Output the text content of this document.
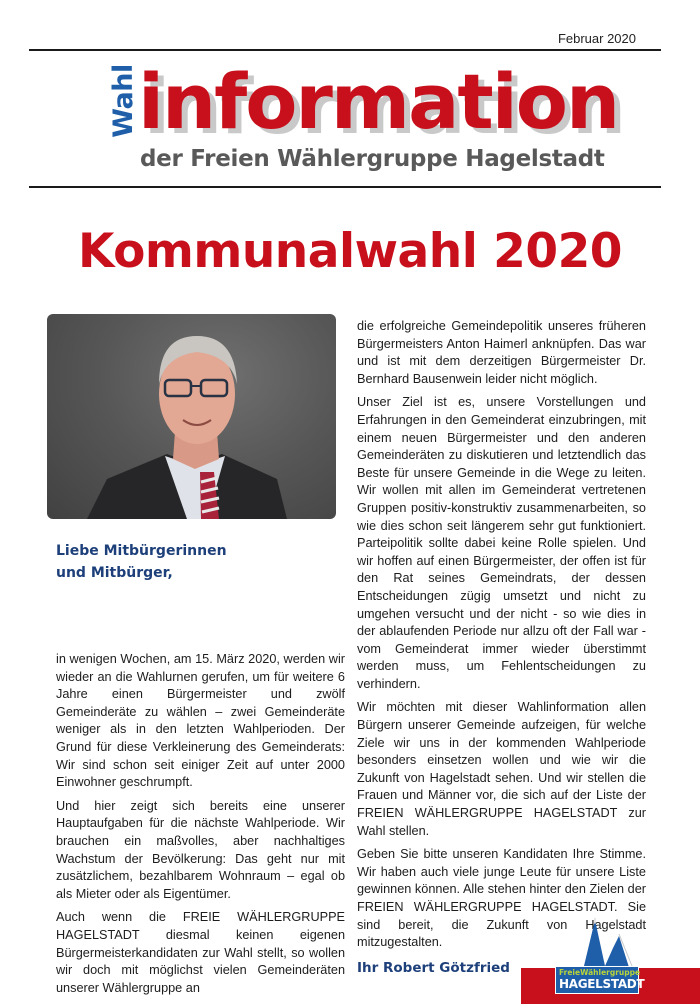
Februar 2020
Wahl information
der Freien Wählergruppe Hagelstadt
Kommunalwahl 2020
Liebe Mitbürgerinnen
und Mitbürger,

in wenigen Wochen, am 15. März 2020, werden wir wieder an die Wahlurnen gerufen, um für weitere 6 Jahre einen Bürgermeister und zwölf Gemeinderäte zu wählen – zwei Gemeinderäte weniger als in den letzten Wahlperioden. Der Grund für diese Verkleinerung des Gemeinderats: Wir sind schon seit einiger Zeit auf unter 2000 Einwohner geschrumpft.

Und hier zeigt sich bereits eine unserer Hauptaufgaben für die nächste Wahlperiode. Wir brauchen ein maßvolles, aber nachhaltiges Wachstum der Bevölkerung: Das geht nur mit zusätzlichem, bezahlbarem Wohnraum – egal ob als Mieter oder als Eigentümer.

Auch wenn die FREIE WÄHLERGRUPPE HAGELSTADT diesmal keinen eigenen Bürgermeisterkandidaten zur Wahl stellt, so wollen wir doch mit möglichst vielen Gemeinderäten unserer Wählergruppe an

die erfolgreiche Gemeindepolitik unseres früheren Bürgermeisters Anton Haimerl anknüpfen. Das war und ist mit dem derzeitigen Bürgermeister Dr. Bernhard Bausenwein leider nicht möglich.

Unser Ziel ist es, unsere Vorstellungen und Erfahrungen in den Gemeinderat einzubringen, mit einem neuen Bürgermeister und den anderen Gemeinderäten zu diskutieren und letztendlich das Beste für unsere Gemeinde in die Wege zu leiten. Wir wollen mit allen im Gemeinderat vertretenen Gruppen positiv-konstruktiv zusammenarbeiten, so wie dies schon seit längerem sehr gut funktioniert. Parteipolitik sollte dabei keine Rolle spielen. Und wir hoffen auf einen Bürgermeister, der offen ist für den Rat seines Gemeindrats, der dessen Entscheidungen zügig umsetzt und nicht zu umgehen versucht und der nicht - so wie dies in der ablaufenden Periode nur allzu oft der Fall war - vom Gemeinderat immer wieder überstimmt werden muss, um Fehlentscheidungen zu verhindern.

Wir möchten mit dieser Wahlinformation allen Bürgern unserer Gemeinde aufzeigen, für welche Ziele wir uns in der kommenden Wahlperiode besonders einsetzen wollen und wie wir die Zukunft von Hagelstadt sehen. Und wir stellen die Frauen und Männer vor, die sich auf der Liste der FREIEN WÄHLERGRUPPE HAGELSTADT zur Wahl stellen.

Geben Sie bitte unseren Kandidaten Ihre Stimme. Wir haben auch viele junge Leute für unsere Liste gewinnen können. Alle stehen hinter den Zielen der FREIEN WÄHLERGRUPPE HAGELSTADT. Sie sind bereit, die Zukunft von Hagelstadt mitzugestalten.

Ihr Robert Götzfried	FreieWählergruppe
HAGELSTADT
